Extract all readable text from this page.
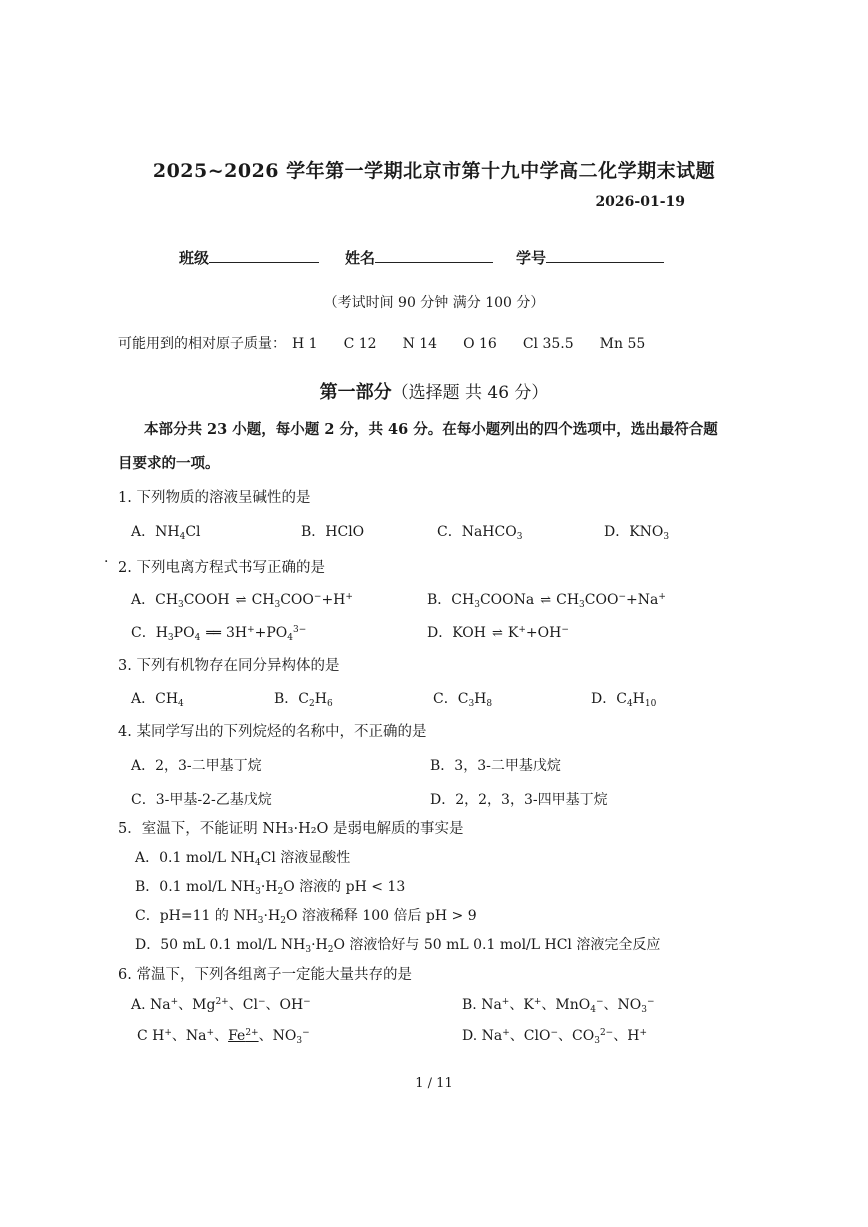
2025~2026 学年第一学期北京市第十九中学高二化学期末试题
2026-01-19
班级	姓名	学号
（考试时间 90 分钟 满分 100 分）
可能用到的相对原子质量： H 1 C 12 N 14 O 16 Cl 35.5 Mn 55
第一部分（选择题 共 46 分）
本部分共 23 小题，每小题 2 分，共 46 分。在每小题列出的四个选项中，选出最符合题
目要求的一项。
1. 下列物质的溶液呈碱性的是
A．$NH_4Cl$	B．HClO	C．NaHCO$_3$	D．$KNO_3$
· 2. 下列电离方程式书写正确的是
A．$CH_3COOH$ ⇌ $CH_3COO^-+H^+$	B．$CH_3COONa$ ⇌ $CH_3COO^-+Na^+$
C．$H_3PO_4$ ══ $3H^++PO_4^{3-}$	D．KOH ⇌ K++OH−
3. 下列有机物存在同分异构体的是
A．$CH_4$	B．$C_2H_6$	C．$C_3H_8$	D．$C_4H_{10}$
4. 某同学写出的下列烷烃的名称中，不正确的是
A．2，3-二甲基丁烷	B．3，3-二甲基戊烷
C．3-甲基-2-乙基戊烷	D．2，2，3，3-四甲基丁烷
5．室温下，不能证明 NH₃·H₂O 是弱电解质的事实是
A．0.1 mol/L $NH_4Cl$ 溶液显酸性
B．0.1 mol/L $NH_3\cdot H_2O$ 溶液的 pH < 13
C．pH=11 的 $NH_3\cdot H_2O$ 溶液稀释 100 倍后 pH > 9
D．50 mL 0.1 mol/L $NH_3\cdot H_2O$ 溶液恰好与 50 mL 0.1 mol/L HCl 溶液完全反应
6. 常温下，下列各组离子一定能大量共存的是
A. Na+、$Mg^{2+}$、Cl−、OH−	B. Na+、K+、MnO$_4$−、$NO_3^-$
C H+、Na+、$Fe^{2+}$、$NO_3^-$	D. Na+、ClO−、$CO_3^{2-}$、H+
1 / 11
